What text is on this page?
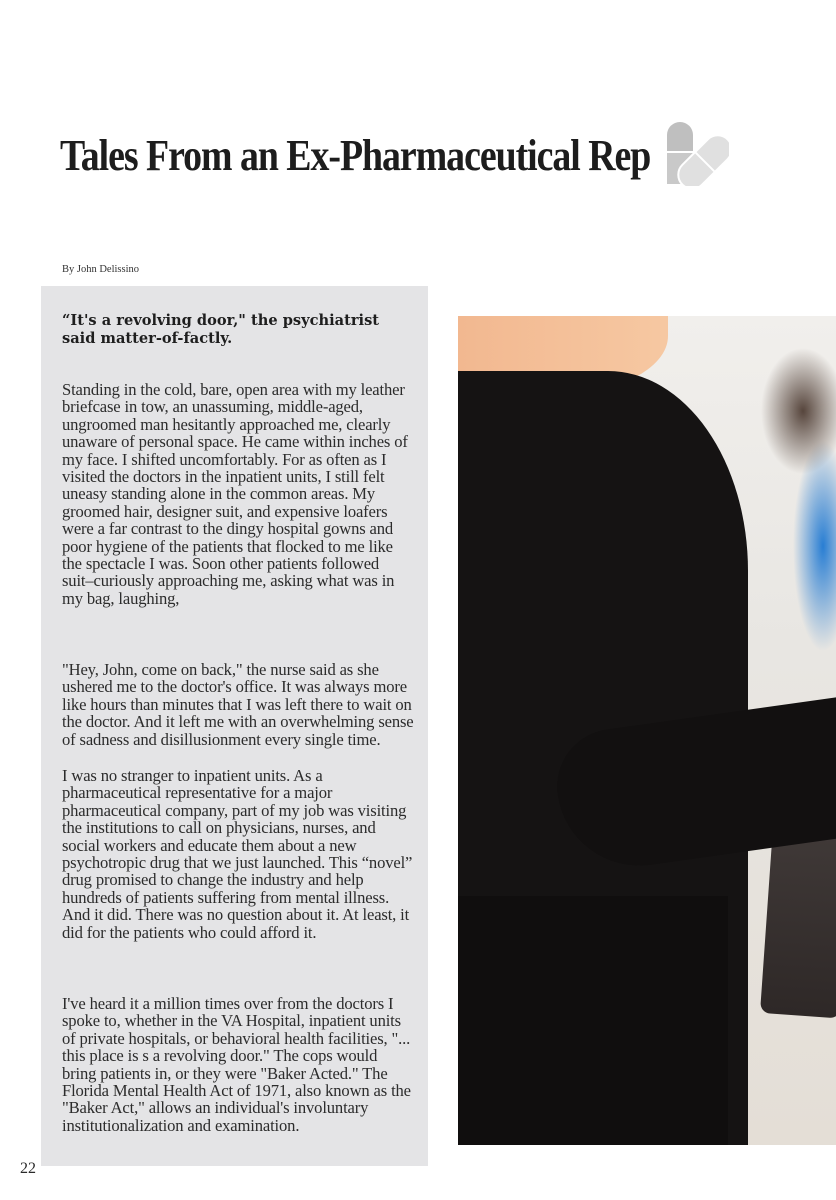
Tales From an Ex-Pharmaceutical Rep
By John Delissino

“It's a revolving door," the psychiatrist said matter-of-factly.

Standing in the cold, bare, open area with my leather briefcase in tow, an unassuming, middle-aged, ungroomed man hesitantly approached me, clearly unaware of personal space. He came within inches of my face. I shifted uncomfortably. For as often as I visited the doctors in the inpatient units, I still felt uneasy standing alone in the common areas. My groomed hair, designer suit, and expensive loafers were a far contrast to the dingy hospital gowns and poor hygiene of the patients that flocked to me like the spectacle I was. Soon other patients followed suit–curiously approaching me, asking what was in my bag, laughing,

"Hey, John, come on back," the nurse said as she ushered me to the doctor's office. It was always more like hours than minutes that I was left there to wait on the doctor. And it left me with an overwhelming sense of sadness and disillusionment every single time.

I was no stranger to inpatient units. As a pharmaceutical representative for a major pharmaceutical company, part of my job was visiting the institutions to call on physicians, nurses, and social workers and educate them about a new psychotropic drug that we just launched. This “novel” drug promised to change the industry and help hundreds of patients suffering from mental illness. And it did. There was no question about it. At least, it did for the patients who could afford it.

I've heard it a million times over from the doctors I spoke to, whether in the VA Hospital, inpatient units of private hospitals, or behavioral health facilities, "... this place is s a revolving door." The cops would bring patients in, or they were "Baker Acted." The Florida Mental Health Act of 1971, also known as the "Baker Act," allows an individual's involuntary institutionalization and examination.

22
